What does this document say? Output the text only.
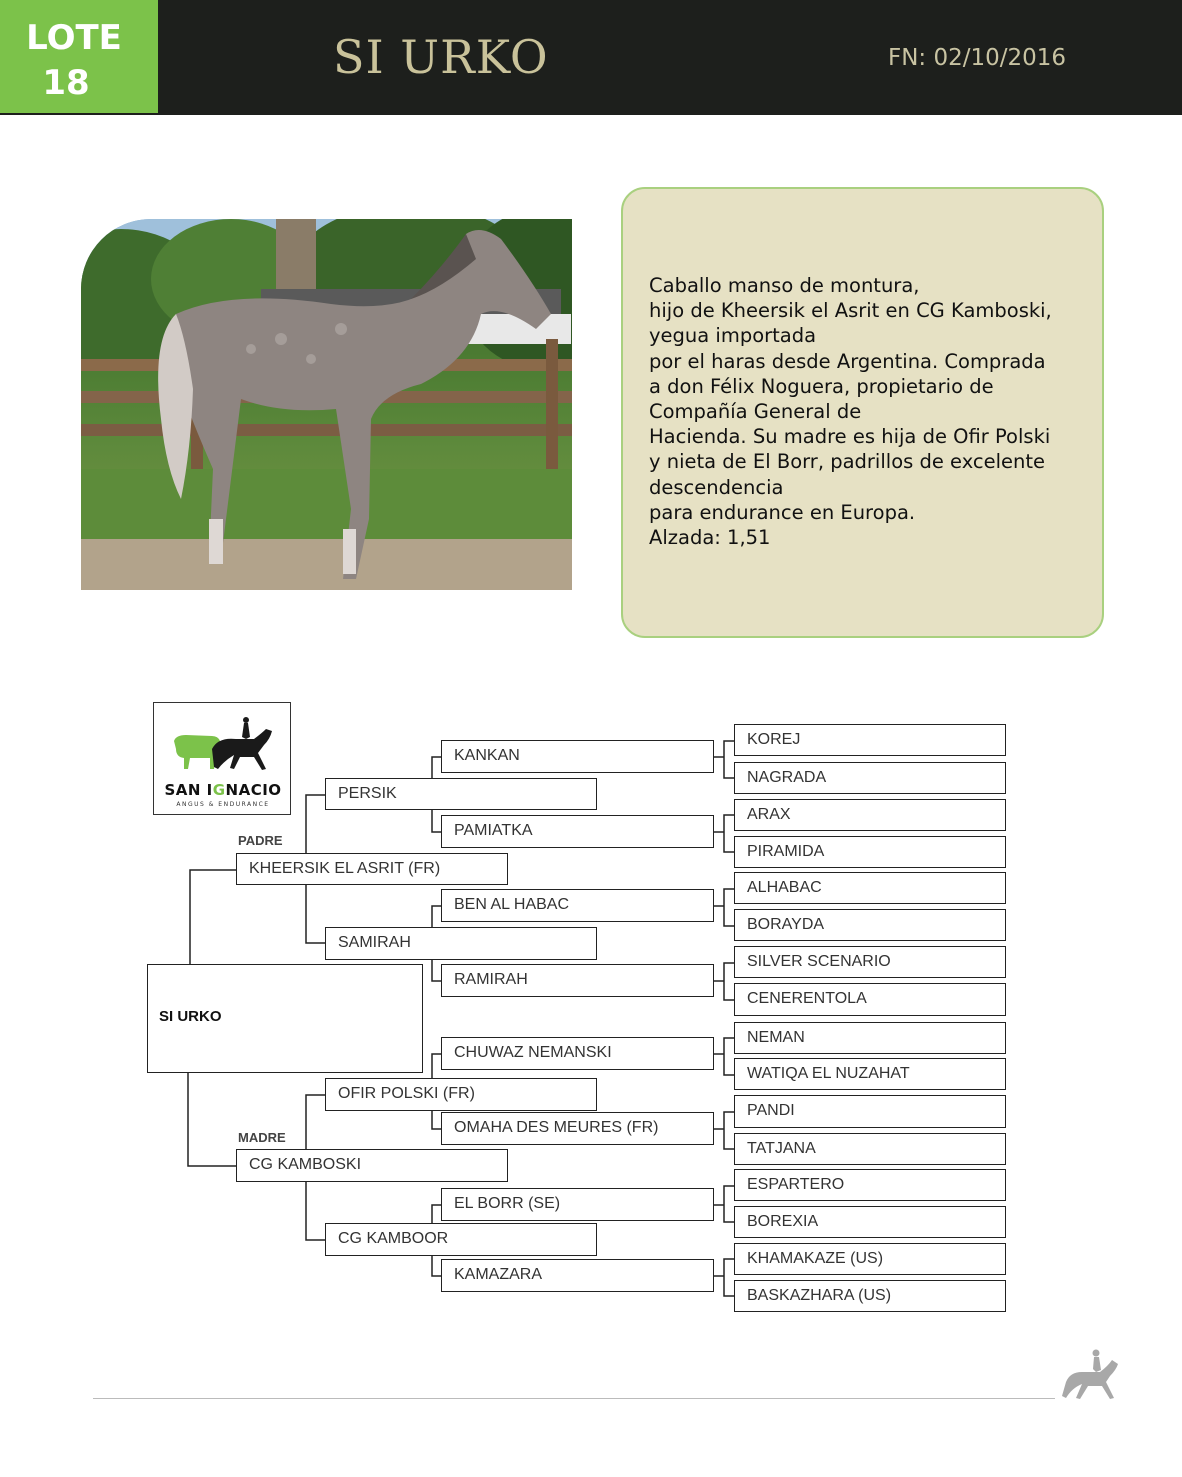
LOTE
18	SI URKO	FN: 02/10/2016
Caballo manso de montura,
hijo de Kheersik el Asrit en CG Kamboski,
yegua importada
por el haras desde Argentina. Comprada
a don Félix Noguera, propietario de
Compañía General de
Hacienda. Su madre es hija de Ofir Polski
y nieta de El Borr, padrillos de excelente
descendencia
para endurance en Europa.
Alzada: 1,51
SAN IGNACIO
ANGUS & ENDURANCE
SI URKO
PADRE
KHEERSIK EL ASRIT (FR)
MADRE
CG KAMBOSKI
PERSIK
SAMIRAH
OFIR POLSKI (FR)
CG KAMBOOR
KANKAN
PAMIATKA
BEN AL HABAC
RAMIRAH
CHUWAZ NEMANSKI
OMAHA DES MEURES (FR)
EL BORR (SE)
KAMAZARA
KOREJ
NAGRADA
ARAX
PIRAMIDA
ALHABAC
BORAYDA
SILVER SCENARIO
CENERENTOLA
NEMAN
WATIQA EL NUZAHAT
PANDI
TATJANA
ESPARTERO
BOREXIA
KHAMAKAZE (US)
BASKAZHARA (US)
